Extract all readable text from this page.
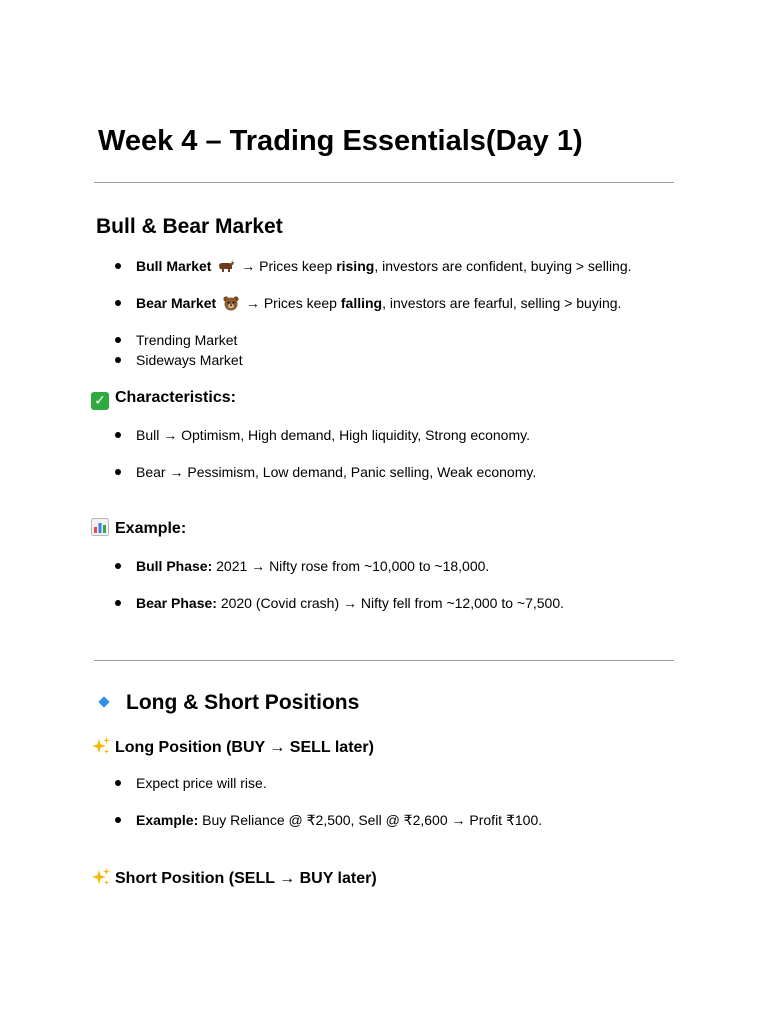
Week 4 – Trading Essentials(Day 1)
Bull & Bear Market
Bull Market  → Prices keep rising, investors are confident, buying > selling.
Bear Market  → Prices keep falling, investors are fearful, selling > buying.
Trending Market
Sideways Market
✓ Characteristics:
Bull → Optimism, High demand, High liquidity, Strong economy.
Bear → Pessimism, Low demand, Panic selling, Weak economy.
Example:
Bull Phase: 2021 → Nifty rose from ~10,000 to ~18,000.
Bear Phase: 2020 (Covid crash) → Nifty fell from ~12,000 to ~7,500.
Long & Short Positions
Long Position (BUY → SELL later)
Expect price will rise.
Example: Buy Reliance @ ₹2,500, Sell @ ₹2,600 → Profit ₹100.
Short Position (SELL → BUY later)
